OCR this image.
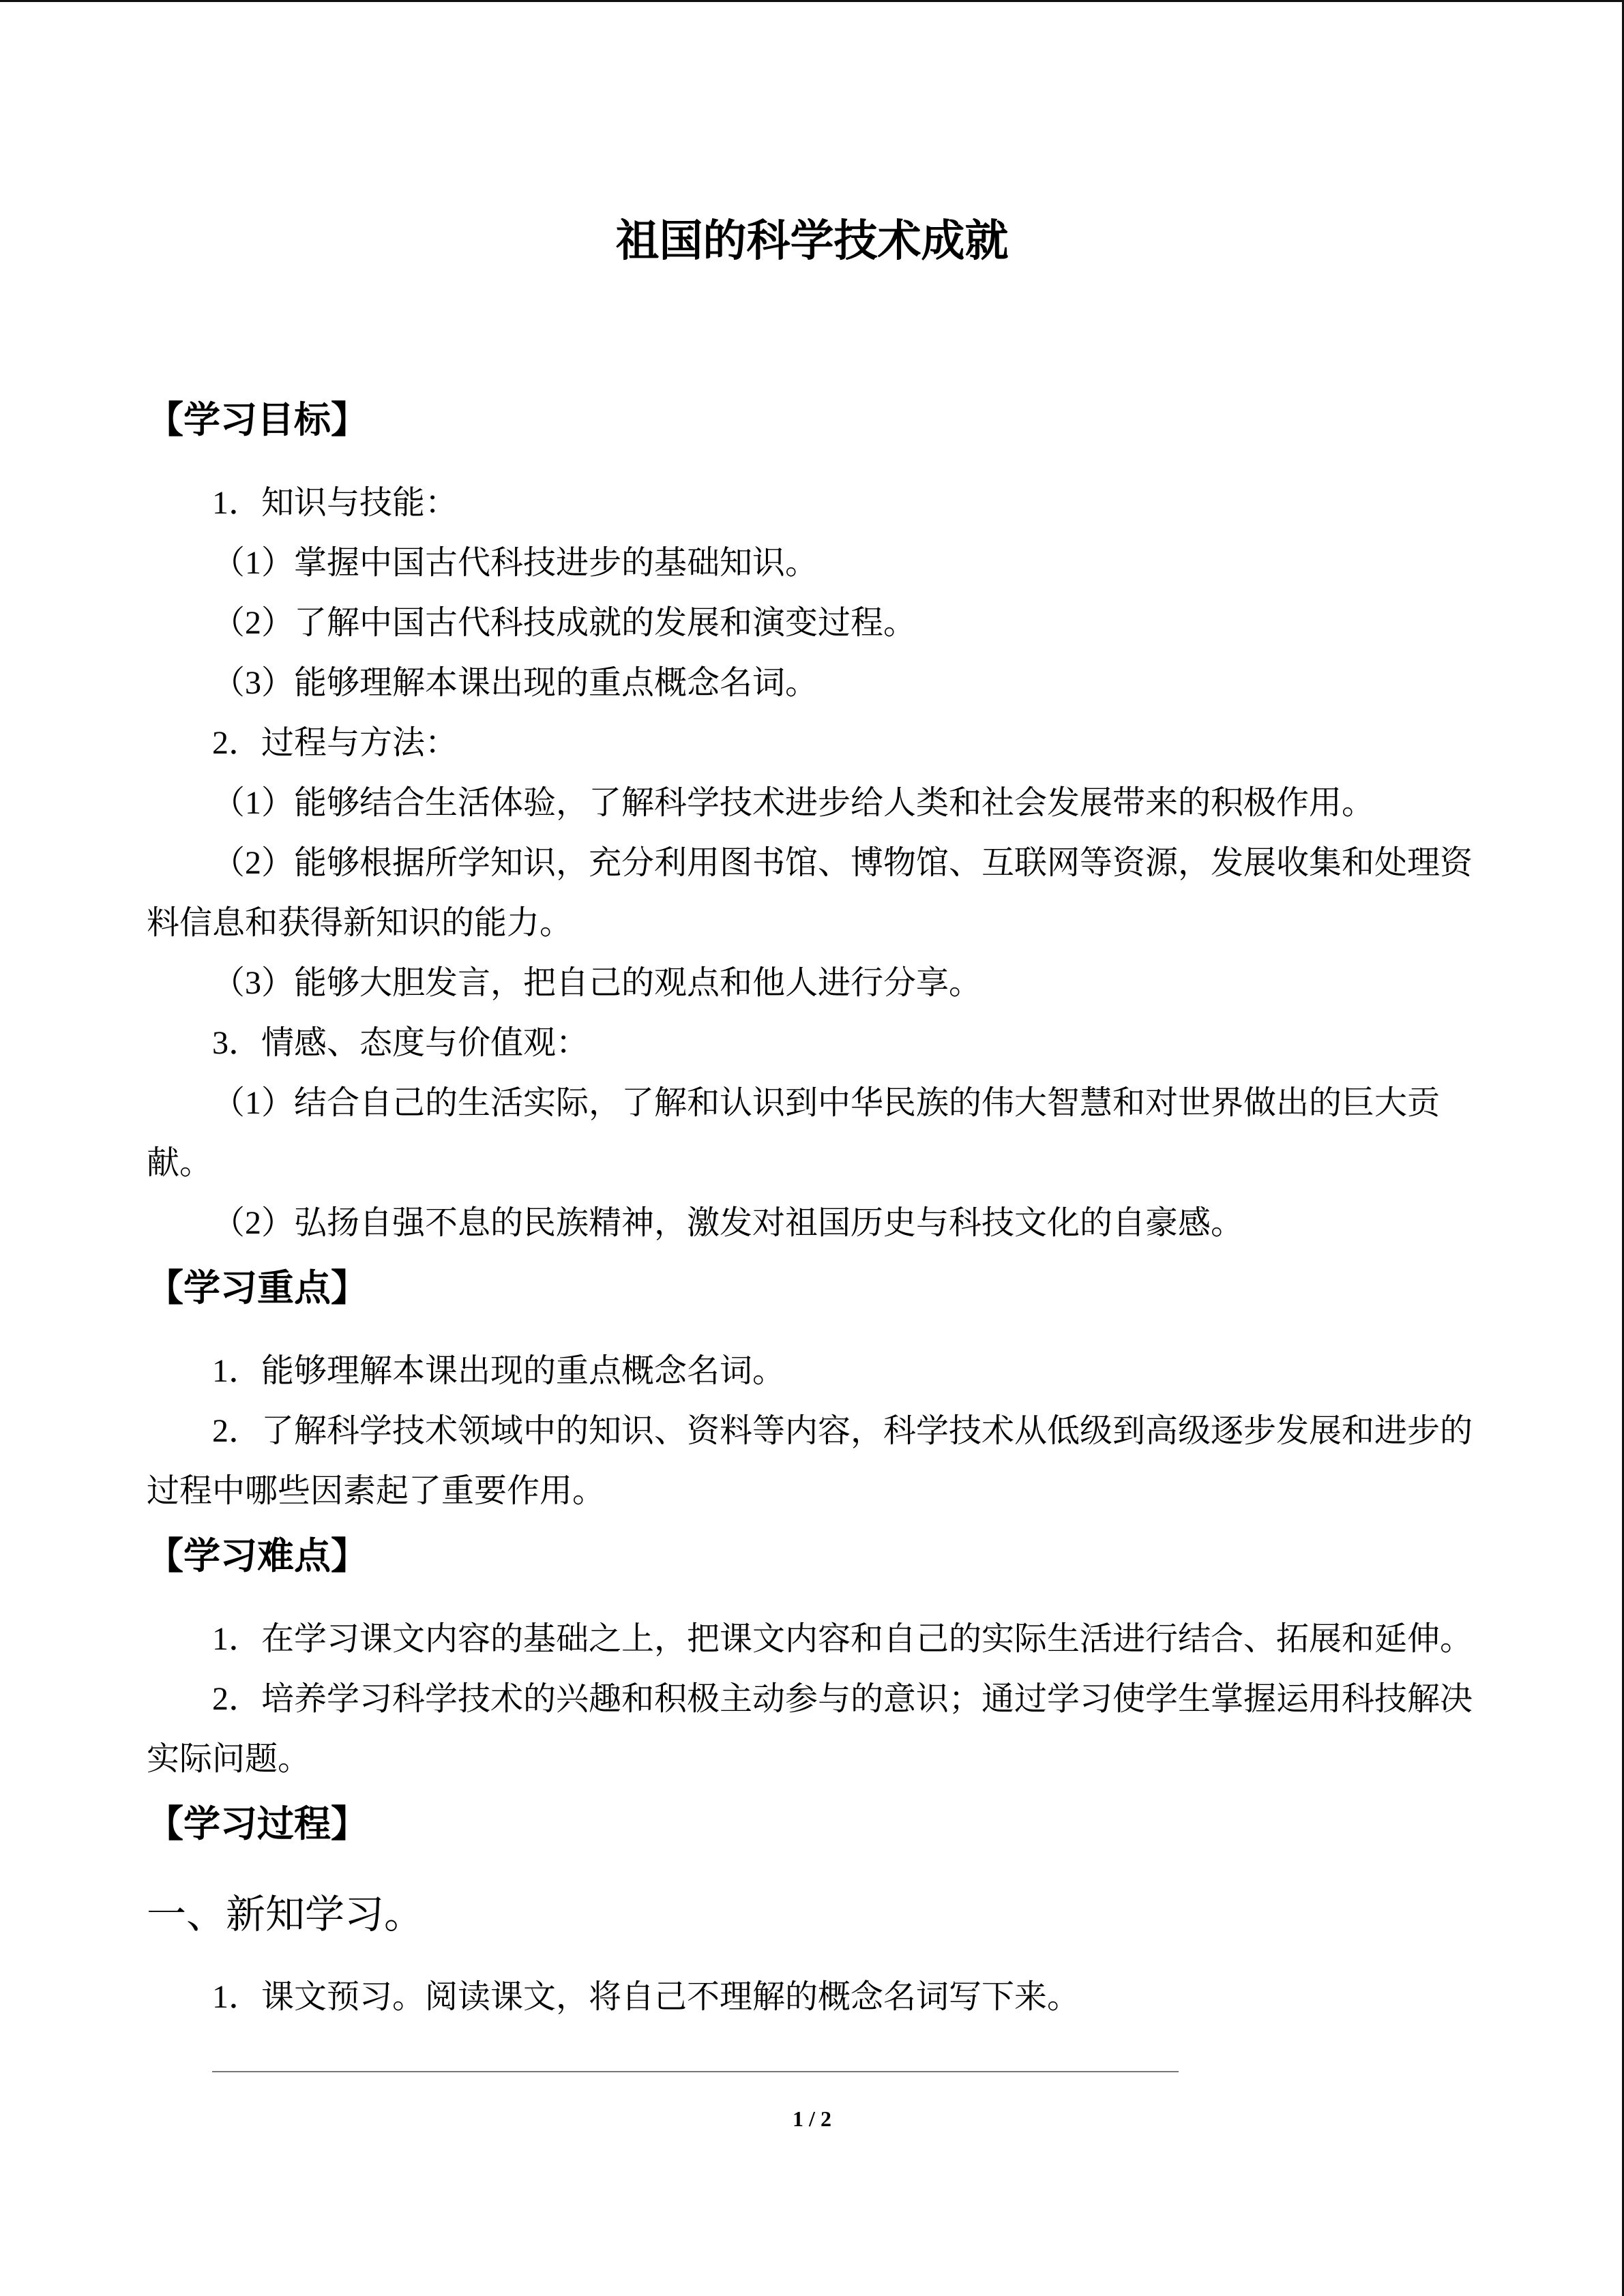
祖国的科学技术成就
【学习目标】
1．知识与技能：
（1）掌握中国古代科技进步的基础知识。
（2）了解中国古代科技成就的发展和演变过程。
（3）能够理解本课出现的重点概念名词。
2．过程与方法：
（1）能够结合生活体验，了解科学技术进步给人类和社会发展带来的积极作用。
（2）能够根据所学知识，充分利用图书馆、博物馆、互联网等资源，发展收集和处理资
料信息和获得新知识的能力。
（3）能够大胆发言，把自己的观点和他人进行分享。
3．情感、态度与价值观：
（1）结合自己的生活实际，了解和认识到中华民族的伟大智慧和对世界做出的巨大贡
献。
（2）弘扬自强不息的民族精神，激发对祖国历史与科技文化的自豪感。
【学习重点】
1．能够理解本课出现的重点概念名词。
2．了解科学技术领域中的知识、资料等内容，科学技术从低级到高级逐步发展和进步的
过程中哪些因素起了重要作用。
【学习难点】
1．在学习课文内容的基础之上，把课文内容和自己的实际生活进行结合、拓展和延伸。
2．培养学习科学技术的兴趣和积极主动参与的意识；通过学习使学生掌握运用科技解决
实际问题。
【学习过程】
一、新知学习。
1．课文预习。阅读课文，将自己不理解的概念名词写下来。
1 / 2
